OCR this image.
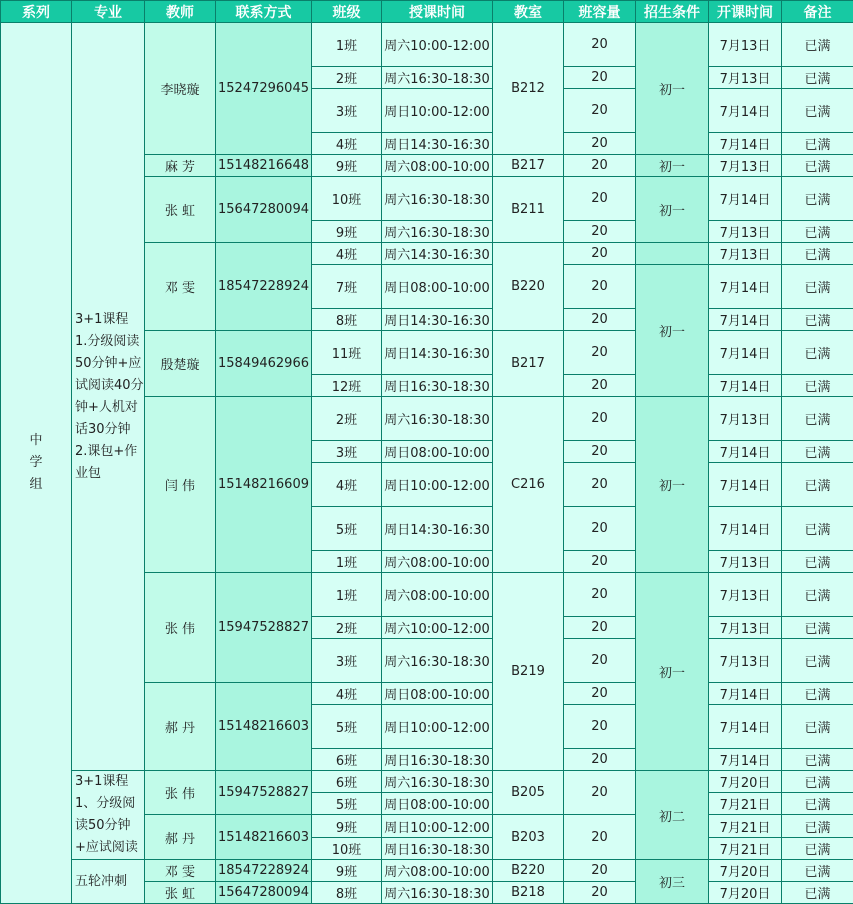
系列	专业	教师	联系方式	班级	授课时间	教室	班容量	招生条件	开课时间	备注
中
学
组	3+1课程 1.分级阅读50分钟+应试阅读40分钟+人机对话30分钟 2.课包+作业包	李晓璇	15247296045	1班	周六10:00-12:00	B212	20	初一	7月13日	已满
				2班	周六16:30-18:30		20		7月13日	已满
				3班	周日10:00-12:00		20		7月14日	已满
				4班	周日14:30-16:30		20		7月14日	已满
		麻 芳	15148216648	9班	周六08:00-10:00	B217	20	初一	7月13日	已满
		张 虹	15647280094	10班	周六16:30-18:30	B211	20	初一	7月14日	已满
				9班	周六16:30-18:30		20		7月13日	已满
		邓 雯	18547228924	4班	周六14:30-16:30	B220	20		7月13日	已满
				7班	周日08:00-10:00		20	初一	7月14日	已满
				8班	周日14:30-16:30		20		7月14日	已满
		殷楚璇	15849462966	11班	周日14:30-16:30	B217	20		7月14日	已满
				12班	周日16:30-18:30		20		7月14日	已满
		闫 伟	15148216609	2班	周六16:30-18:30	C216	20	初一	7月13日	已满
				3班	周日08:00-10:00		20		7月14日	已满
				4班	周日10:00-12:00		20		7月14日	已满
				5班	周日14:30-16:30		20		7月14日	已满
				1班	周六08:00-10:00		20		7月13日	已满
		张 伟	15947528827	1班	周六08:00-10:00	B219	20	初一	7月13日	已满
				2班	周六10:00-12:00		20		7月13日	已满
				3班	周六16:30-18:30		20		7月13日	已满
		郝 丹	15148216603	4班	周日08:00-10:00		20		7月14日	已满
				5班	周日10:00-12:00		20		7月14日	已满
				6班	周日16:30-18:30		20		7月14日	已满
	3+1课程 1、分级阅读50分钟+应试阅读	张 伟	15947528827	6班	周六16:30-18:30	B205	20	初二	7月20日	已满
				5班	周日08:00-10:00				7月21日	已满
		郝 丹	15148216603	9班	周日10:00-12:00	B203	20		7月21日	已满
				10班	周日16:30-18:30				7月21日	已满
	五轮冲刺	邓 雯	18547228924	9班	周六08:00-10:00	B220	20	初三	7月20日	已满
		张 虹	15647280094	8班	周六16:30-18:30	B218	20		7月20日	已满
